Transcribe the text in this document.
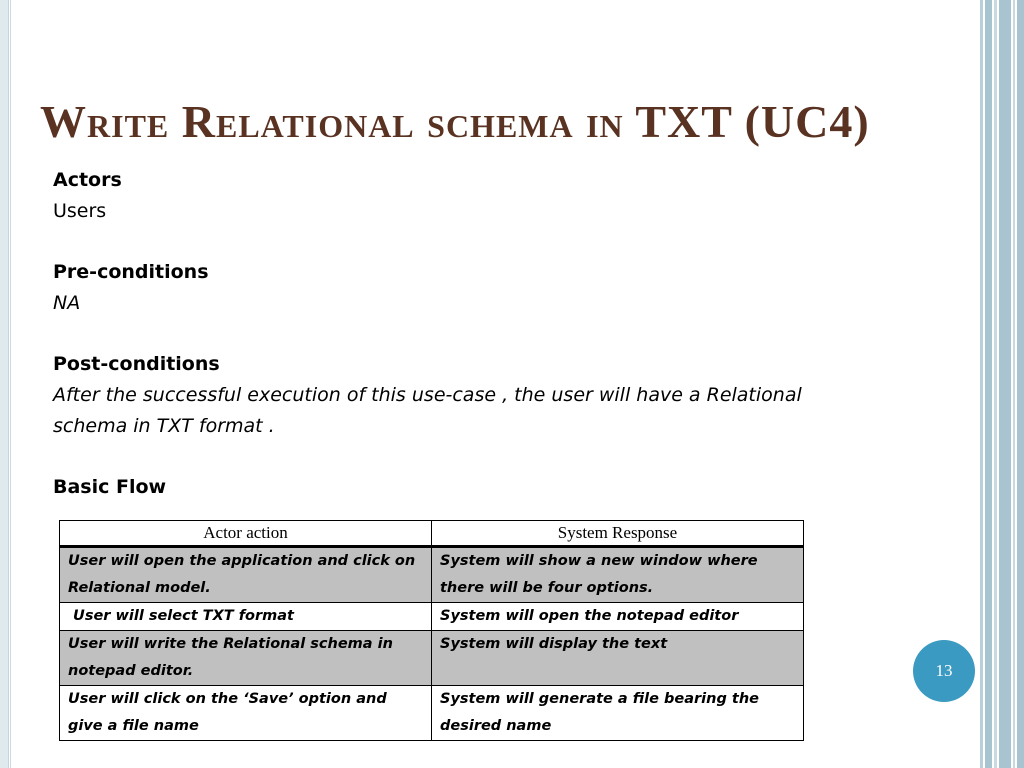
Write Relational schema in TXT (UC4)
Actors
Users
Pre-conditions
NA
Post-conditions
After the successful execution of this use-case , the user will have a Relational
schema in TXT format .
Basic Flow
Actor action	System Response
User will open the application and click on Relational model.	System will show a new window where there will be four options.
User will select TXT format	System will open the notepad editor
User will write the Relational schema in notepad editor.	System will display the text
User will click on the ‘Save’ option and give a file name	System will generate a file bearing the desired name
13
